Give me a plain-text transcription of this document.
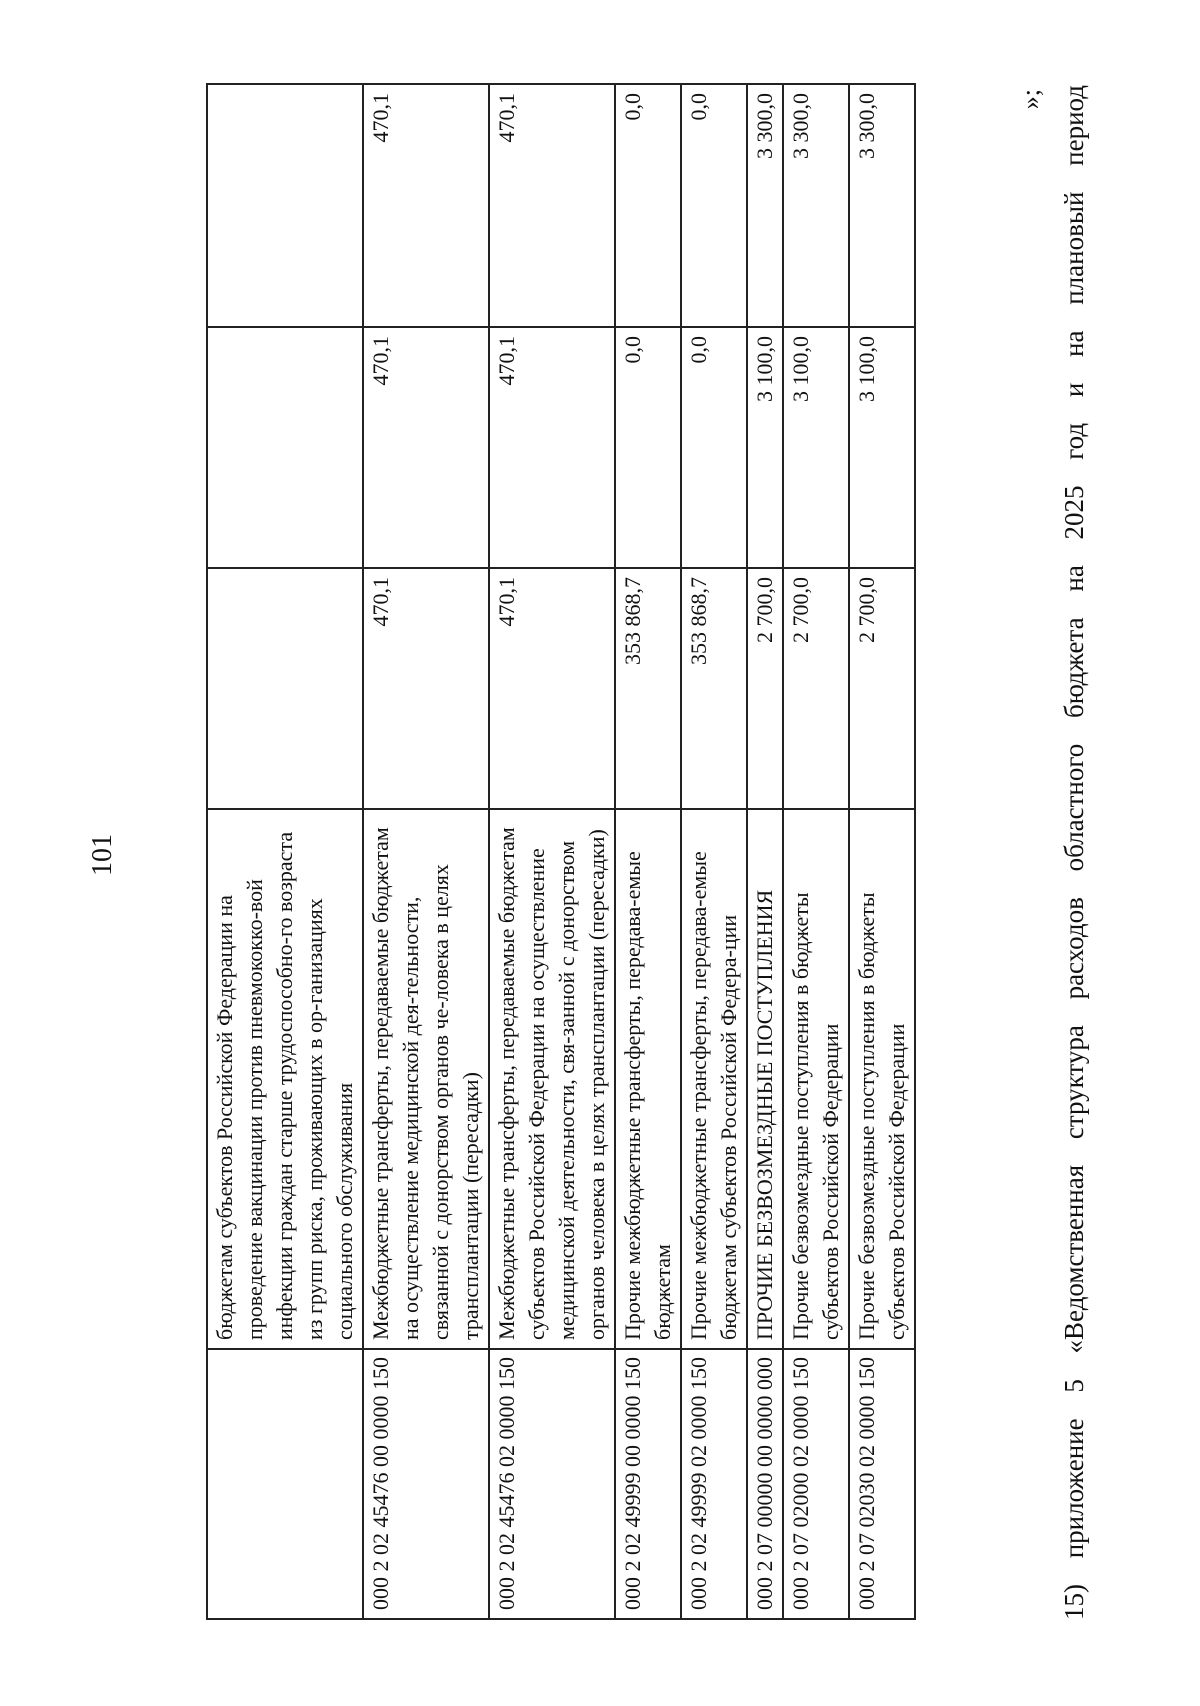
101
	бюджетам субъектов Российской Федерации на проведение вакцинации против пневмококко-вой инфекции граждан старше трудоспособно-го возраста из групп риска, проживающих в ор-ганизациях социального обслуживания			
000 2 02 45476 00 0000 150	Межбюджетные трансферты, передаваемые бюджетам на осуществление медицинской дея-тельности, связанной с донорством органов че-ловека в целях трансплантации (пересадки)	470,1	470,1	470,1
000 2 02 45476 02 0000 150	Межбюджетные трансферты, передаваемые бюджетам субъектов Российской Федерации на осуществление медицинской деятельности, свя-занной с донорством органов человека в целях трансплантации (пересадки)	470,1	470,1	470,1
000 2 02 49999 00 0000 150	Прочие межбюджетные трансферты, передава-емые бюджетам	353 868,7	0,0	0,0
000 2 02 49999 02 0000 150	Прочие межбюджетные трансферты, передава-емые бюджетам субъектов Российской Федера-ции	353 868,7	0,0	0,0
000 2 07 00000 00 0000 000	ПРОЧИЕ БЕЗВОЗМЕЗДНЫЕ ПОСТУПЛЕНИЯ	2 700,0	3 100,0	3 300,0
000 2 07 02000 02 0000 150	Прочие безвозмездные поступления в бюджеты субъектов Российской Федерации	2 700,0	3 100,0	3 300,0
000 2 07 02030 02 0000 150	Прочие безвозмездные поступления в бюджеты субъектов Российской Федерации	2 700,0	3 100,0	3 300,0	»; 15) приложение 5 «Ведомственная структура расходов областного бюджета на 2025 год и на плановый период
